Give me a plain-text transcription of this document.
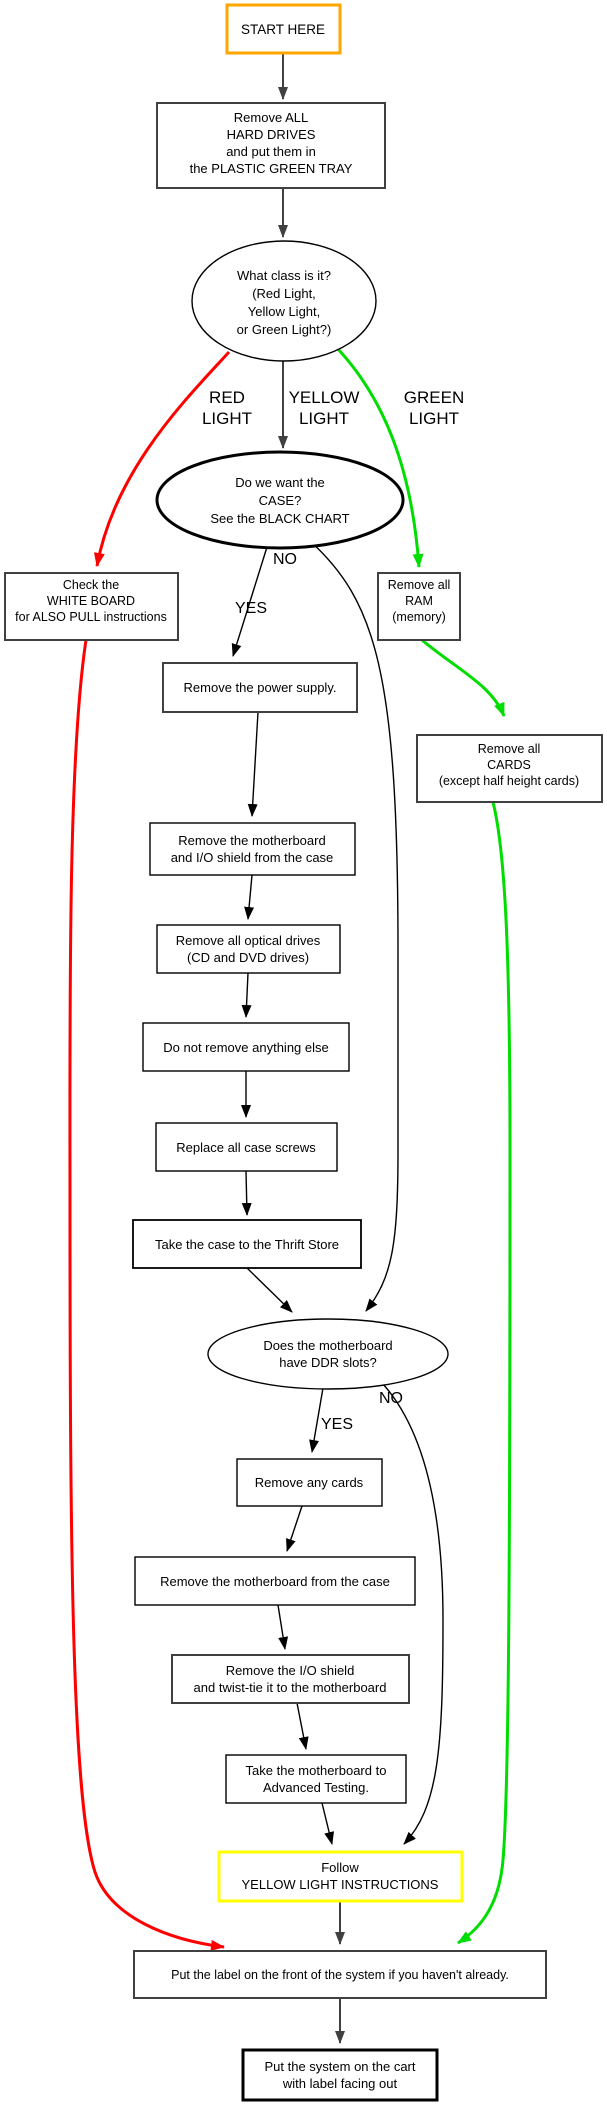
RED
LIGHT
YELLOW
LIGHT
GREEN
LIGHT
NO
YES
NO
YES
START HERE
Remove ALL
HARD DRIVES
and put them in
the PLASTIC GREEN TRAY
What class is it?
(Red Light,
Yellow Light,
or Green Light?)
Do we want the
CASE?
See the BLACK CHART
Check the
WHITE BOARD
for ALSO PULL instructions
Remove all
RAM
(memory)
Remove the power supply.
Remove all
CARDS
(except half height cards)
Remove the motherboard
and I/O shield from the case
Remove all optical drives
(CD and DVD drives)
Do not remove anything else
Replace all case screws
Take the case to the Thrift Store
Does the motherboard
have DDR slots?
Remove any cards
Remove the motherboard from the case
Remove the I/O shield
and twist-tie it to the motherboard
Take the motherboard to
Advanced Testing.
Follow
YELLOW LIGHT INSTRUCTIONS
Put the label on the front of the system if you haven't already.
Put the system on the cart
with label facing out
